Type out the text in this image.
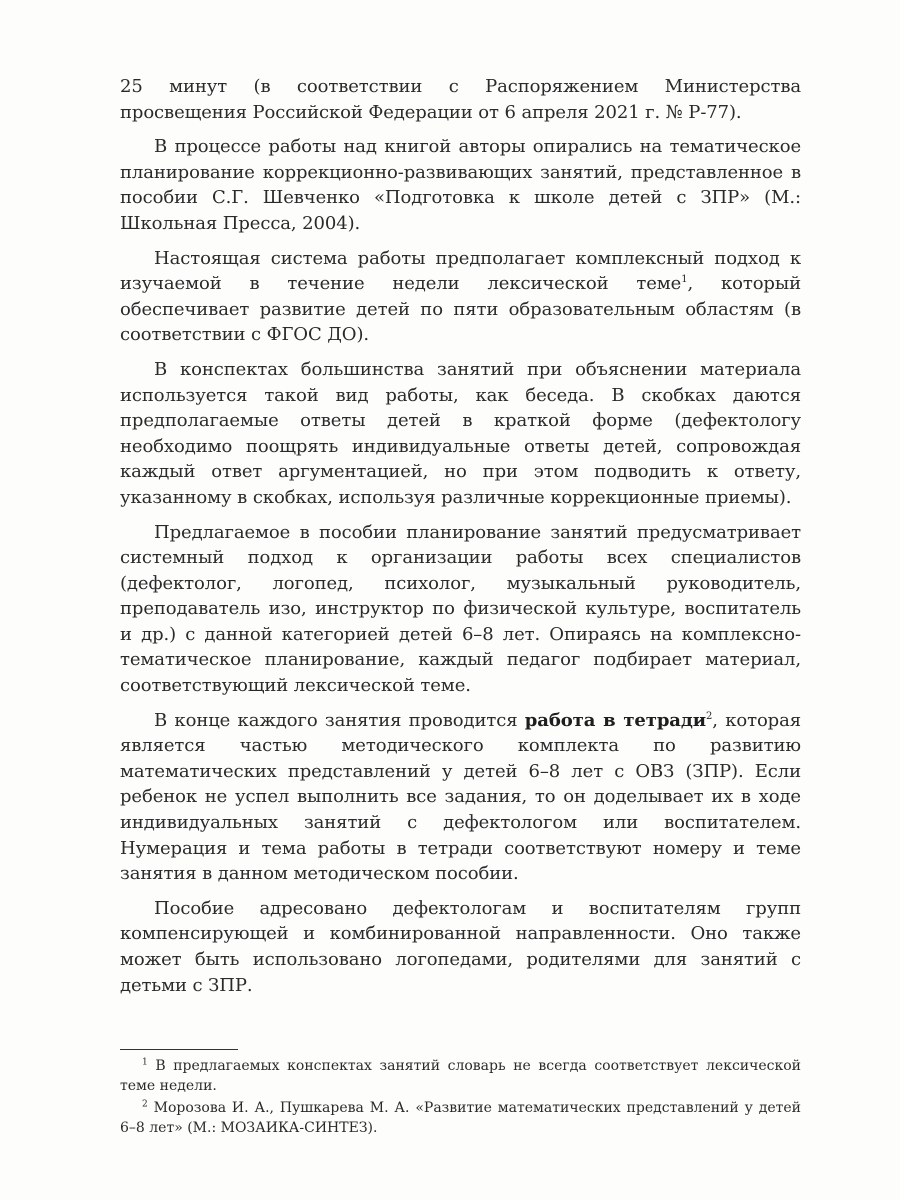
25 минут (в соответствии с Распоряжением Министерства просвещения Российской Федерации от 6 апреля 2021 г. № Р-77).

В процессе работы над книгой авторы опирались на тематическое планирование коррекционно-развивающих занятий, представленное в пособии С.Г. Шевченко «Подготовка к школе детей с ЗПР» (М.: Школьная Пресса, 2004).

Настоящая система работы предполагает комплексный подход к изучаемой в течение недели лексической теме$^1$, который обеспечивает развитие детей по пяти образовательным областям (в соответствии с ФГОС ДО).

В конспектах большинства занятий при объяснении материала используется такой вид работы, как беседа. В скобках даются предполагаемые ответы детей в краткой форме (дефектологу необходимо поощрять индивидуальные ответы детей, сопровождая каждый ответ аргументацией, но при этом подводить к ответу, указанному в скобках, используя различные коррекционные приемы).

Предлагаемое в пособии планирование занятий предусматривает системный подход к организации работы всех специалистов (дефектолог, логопед, психолог, музыкальный руководитель, преподаватель изо, инструктор по физической культуре, воспитатель и др.) с данной категорией детей 6–8 лет. Опираясь на комплексно-тематическое планирование, каждый педагог подбирает материал, соответствующий лексической теме.

В конце каждого занятия проводится работа в тетради$^2$, которая является частью методического комплекта по развитию математических представлений у детей 6–8 лет с ОВЗ (ЗПР). Если ребенок не успел выполнить все задания, то он доделывает их в ходе индивидуальных занятий с дефектологом или воспитателем. Нумерация и тема работы в тетради соответствуют номеру и теме занятия в данном методическом пособии.

Пособие адресовано дефектологам и воспитателям групп компенсирующей и комбинированной направленности. Оно также может быть использовано логопедами, родителями для занятий с детьми с ЗПР.

$^1$ В предлагаемых конспектах занятий словарь не всегда соответствует лексической теме недели.

$^2$ Морозова И. А., Пушкарева М. А. «Развитие математических представлений у детей 6–8 лет» (М.: МОЗАИКА-СИНТЕЗ).
